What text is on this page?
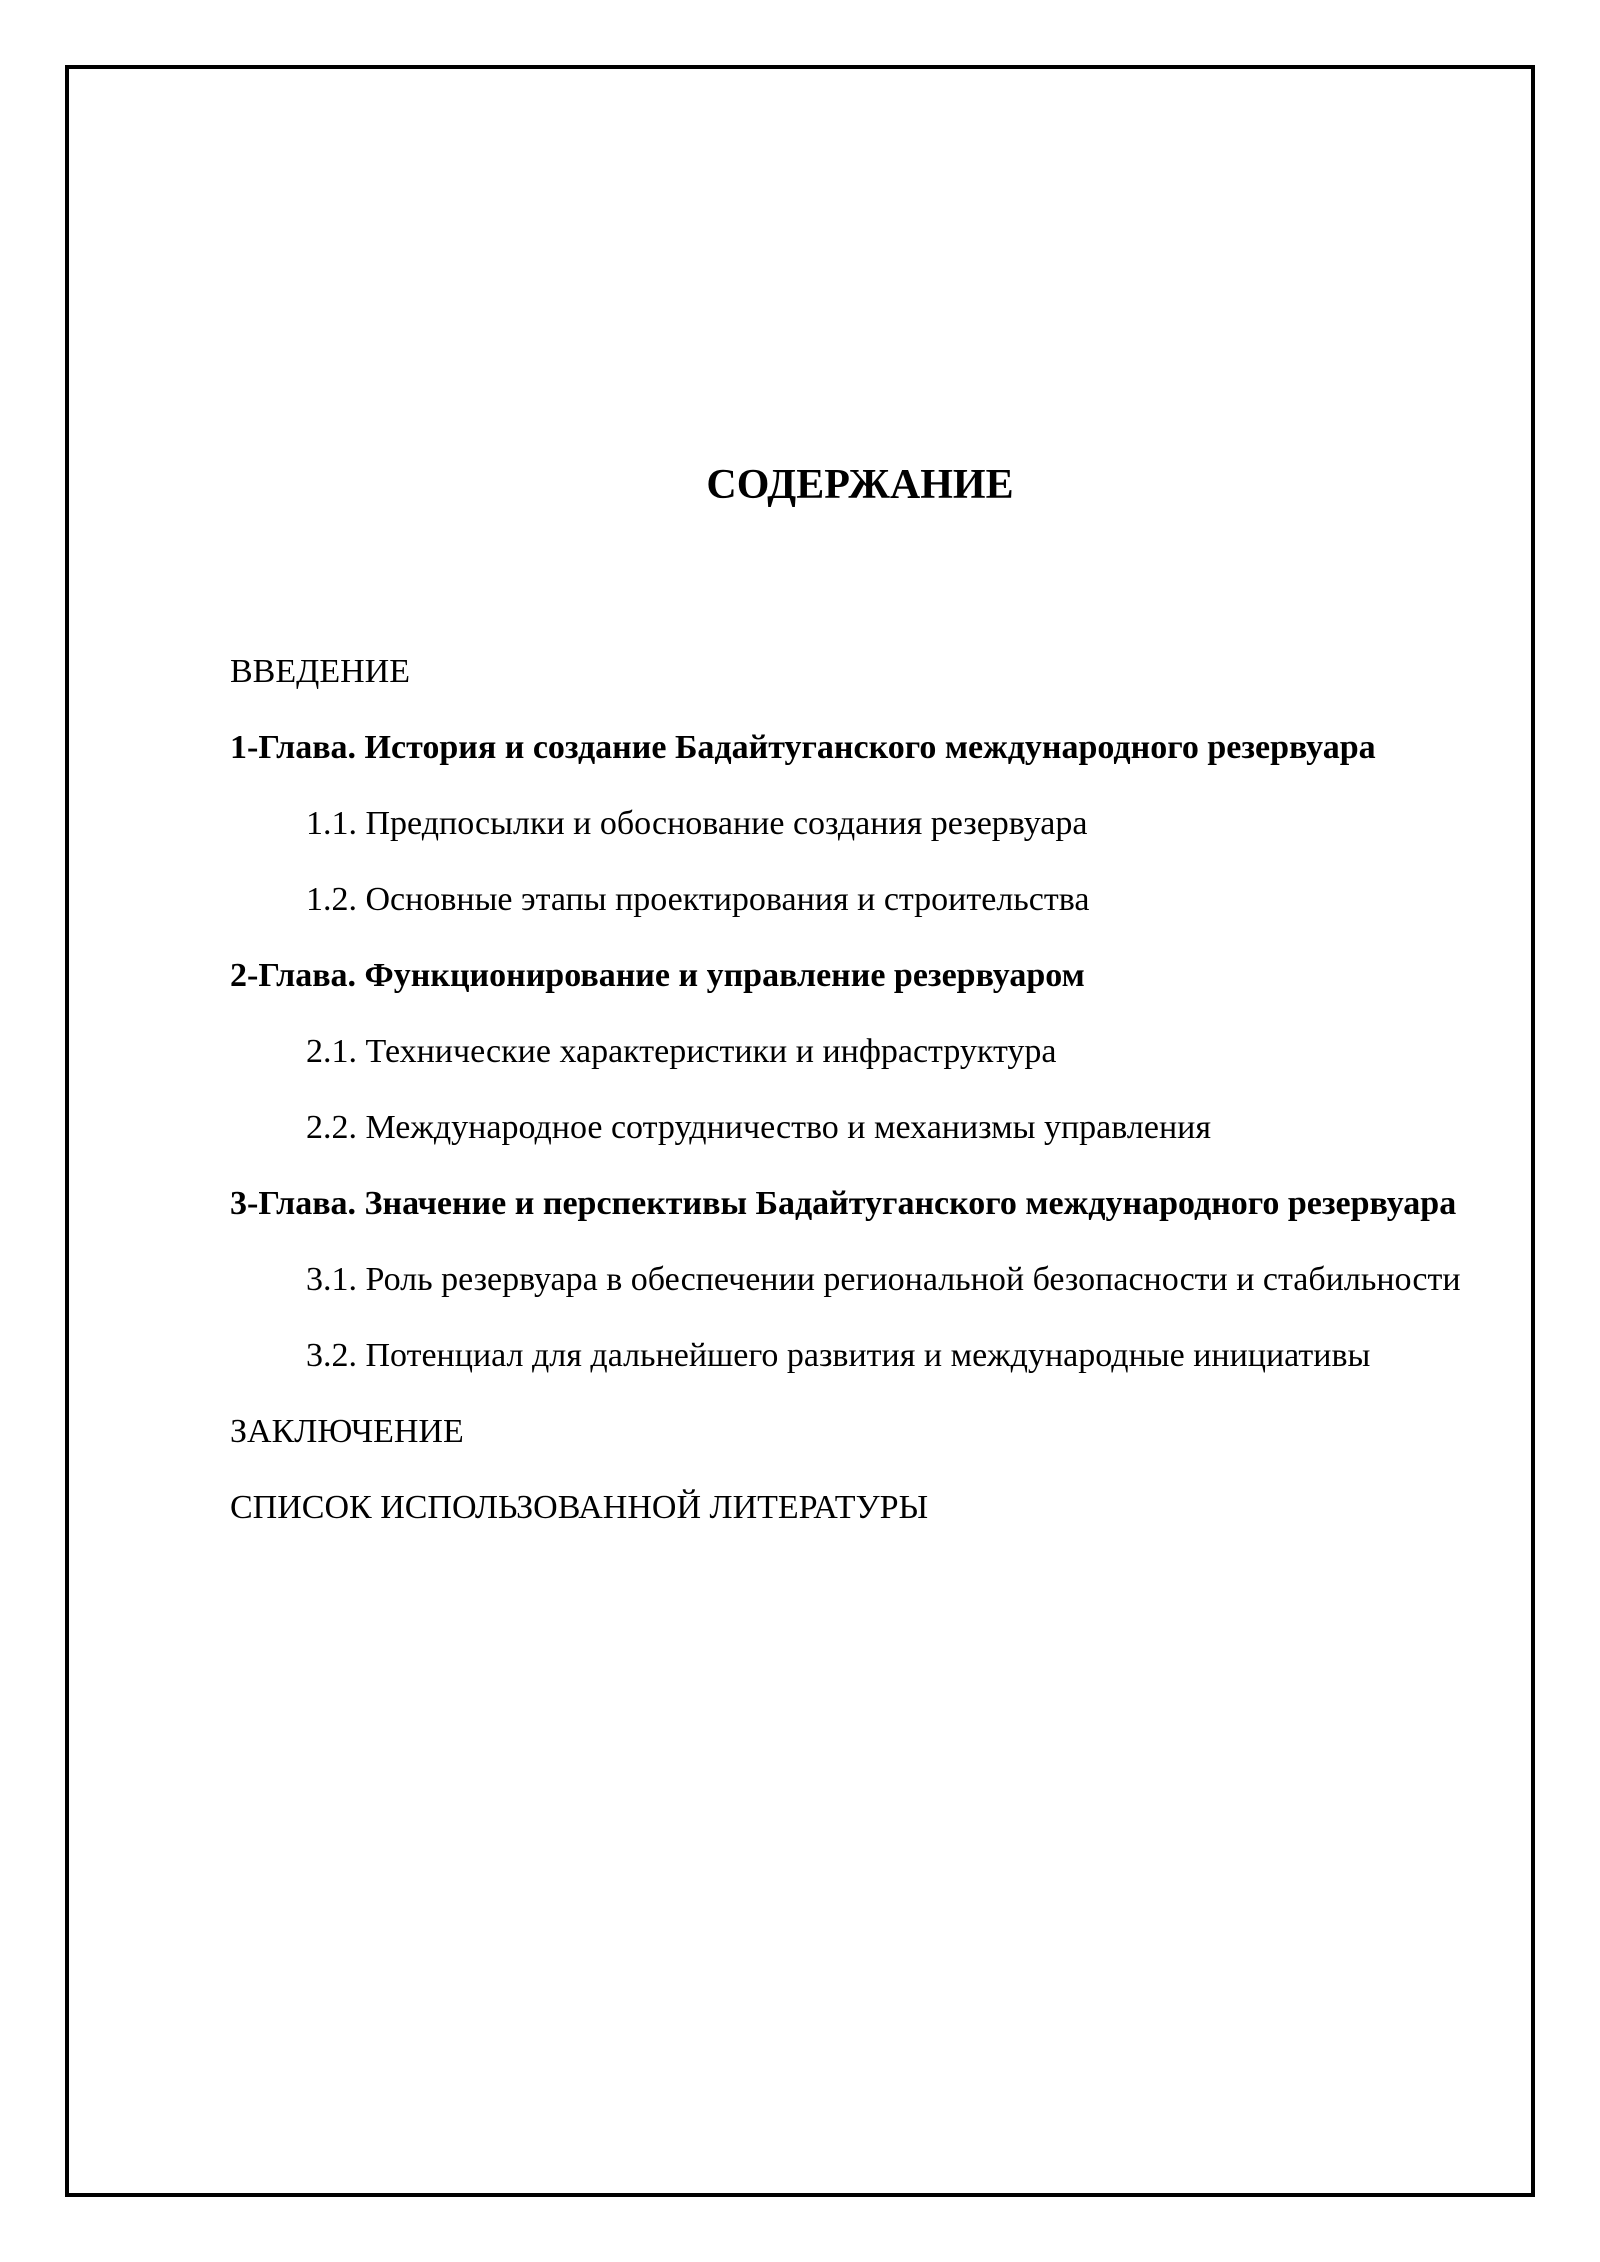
СОДЕРЖАНИЕ
ВВЕДЕНИЕ
1-Глава. История и создание Бадайтуганского международного резервуара
1.1. Предпосылки и обоснование создания резервуара
1.2. Основные этапы проектирования и строительства
2-Глава. Функционирование и управление резервуаром
2.1. Технические характеристики и инфраструктура
2.2. Международное сотрудничество и механизмы управления
3-Глава. Значение и перспективы Бадайтуганского международного резервуара
3.1. Роль резервуара в обеспечении региональной безопасности и стабильности
3.2. Потенциал для дальнейшего развития и международные инициативы
ЗАКЛЮЧЕНИЕ
СПИСОК ИСПОЛЬЗОВАННОЙ ЛИТЕРАТУРЫ
